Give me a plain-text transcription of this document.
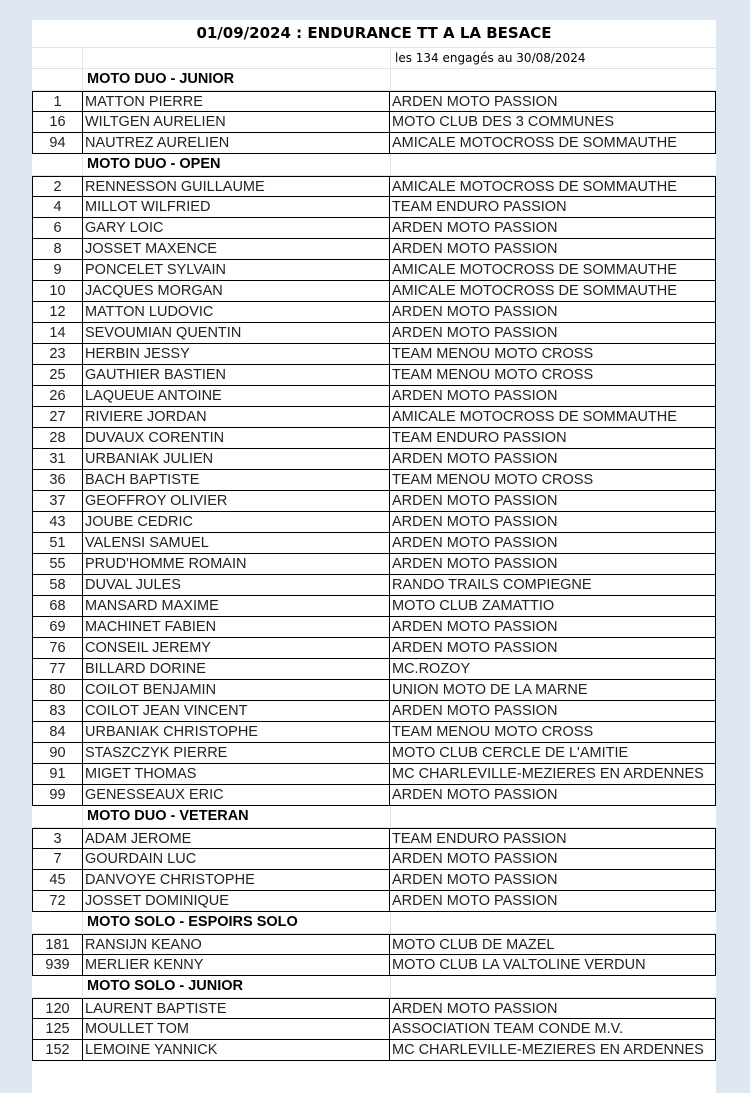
01/09/2024 : ENDURANCE TT A LA BESACE
les 134 engagés au 30/08/2024
MOTO DUO - JUNIOR
1	MATTON PIERRE	ARDEN MOTO PASSION
16	WILTGEN AURELIEN	MOTO CLUB DES 3 COMMUNES
94	NAUTREZ AURELIEN	AMICALE MOTOCROSS DE SOMMAUTHE
MOTO DUO - OPEN
2	RENNESSON GUILLAUME	AMICALE MOTOCROSS DE SOMMAUTHE
4	MILLOT WILFRIED	TEAM ENDURO PASSION
6	GARY LOIC	ARDEN MOTO PASSION
8	JOSSET MAXENCE	ARDEN MOTO PASSION
9	PONCELET SYLVAIN	AMICALE MOTOCROSS DE SOMMAUTHE
10	JACQUES MORGAN	AMICALE MOTOCROSS DE SOMMAUTHE
12	MATTON LUDOVIC	ARDEN MOTO PASSION
14	SEVOUMIAN QUENTIN	ARDEN MOTO PASSION
23	HERBIN JESSY	TEAM MENOU MOTO CROSS
25	GAUTHIER BASTIEN	TEAM MENOU MOTO CROSS
26	LAQUEUE ANTOINE	ARDEN MOTO PASSION
27	RIVIERE JORDAN	AMICALE MOTOCROSS DE SOMMAUTHE
28	DUVAUX CORENTIN	TEAM ENDURO PASSION
31	URBANIAK JULIEN	ARDEN MOTO PASSION
36	BACH BAPTISTE	TEAM MENOU MOTO CROSS
37	GEOFFROY OLIVIER	ARDEN MOTO PASSION
43	JOUBE CEDRIC	ARDEN MOTO PASSION
51	VALENSI SAMUEL	ARDEN MOTO PASSION
55	PRUD'HOMME ROMAIN	ARDEN MOTO PASSION
58	DUVAL JULES	RANDO TRAILS COMPIEGNE
68	MANSARD MAXIME	MOTO CLUB ZAMATTIO
69	MACHINET FABIEN	ARDEN MOTO PASSION
76	CONSEIL JEREMY	ARDEN MOTO PASSION
77	BILLARD DORINE	MC.ROZOY
80	COILOT BENJAMIN	UNION MOTO DE LA MARNE
83	COILOT JEAN VINCENT	ARDEN MOTO PASSION
84	URBANIAK CHRISTOPHE	TEAM MENOU MOTO CROSS
90	STASZCZYK PIERRE	MOTO CLUB CERCLE DE L'AMITIE
91	MIGET THOMAS	MC CHARLEVILLE-MEZIERES EN ARDENNES
99	GENESSEAUX ERIC	ARDEN MOTO PASSION
MOTO DUO - VETERAN
3	ADAM JEROME	TEAM ENDURO PASSION
7	GOURDAIN LUC	ARDEN MOTO PASSION
45	DANVOYE CHRISTOPHE	ARDEN MOTO PASSION
72	JOSSET DOMINIQUE	ARDEN MOTO PASSION
MOTO SOLO - ESPOIRS SOLO
181	RANSIJN KEANO	MOTO CLUB DE MAZEL
939	MERLIER KENNY	MOTO CLUB LA VALTOLINE VERDUN
MOTO SOLO - JUNIOR
120	LAURENT BAPTISTE	ARDEN MOTO PASSION
125	MOULLET TOM	ASSOCIATION TEAM CONDE M.V.
152	LEMOINE YANNICK	MC CHARLEVILLE-MEZIERES EN ARDENNES
